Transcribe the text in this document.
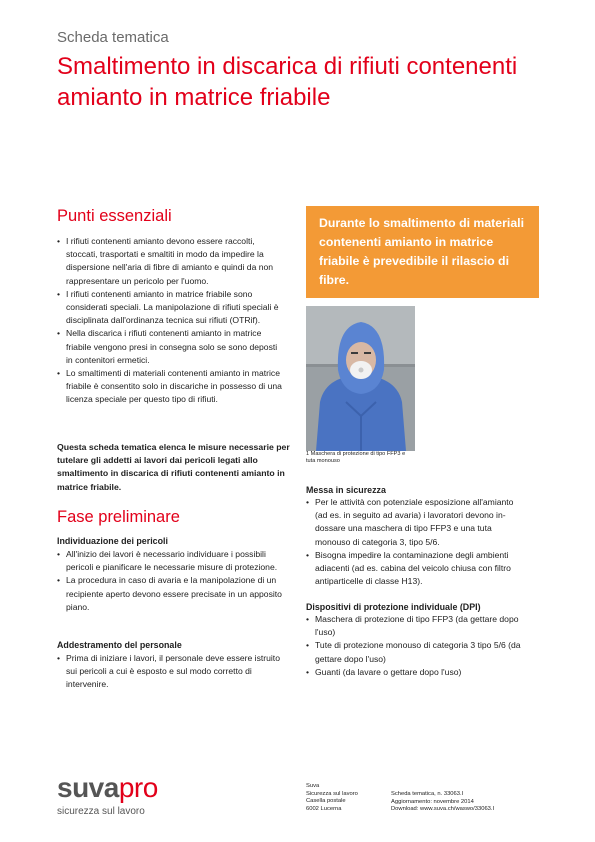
Scheda tematica
Smaltimento in discarica di rifiuti contenenti amianto in matrice friabile
Punti essenziali
• I rifiuti contenenti amianto devono essere raccolti, stoccati, trasportati e smaltiti in modo da impedire la dispersione nell'aria di fibre di amianto e quindi da non rappresentare un pericolo per l'uomo.
• I rifiuti contenenti amianto in matrice friabile sono considerati speciali. La manipolazione di rifiuti speciali è disciplinata dall'ordinanza tecnica sui rifiuti (OTRif).
• Nella discarica i rifiuti contenenti amianto in matrice friabile vengono presi in consegna solo se sono deposti in contenitori ermetici.
• Lo smaltimenti di materiali contenenti amianto in matrice friabile è consentito solo in discariche in possesso di una licenza speciale per questo tipo di rifiuti.
Questa scheda tematica elenca le misure necessarie per tutelare gli addetti ai lavori dai pericoli legati allo smaltimento in discarica di rifiuti contenenti amianto in matrice friabile.
Fase preliminare
Individuazione dei pericoli
• All'inizio dei lavori è necessario individuare i possibili pericoli e pianificare le necessarie misure di protezione.
• La procedura in caso di avaria e la manipolazione di un recipiente aperto devono essere precisate in un apposito piano.
Addestramento del personale
• Prima di iniziare i lavori, il personale deve essere istruito sui pericoli a cui è esposto e sul modo corretto di intervenire.
Durante lo smaltimento di materiali contenenti amianto in matrice friabile è prevedibile il rilascio di fibre.
1 Maschera di protezione di tipo FFP3 e tuta monouso
Messa in sicurezza
• Per le attività con potenziale esposizione all'amianto (ad es. in seguito ad avaria) i lavoratori devono in-dossare una maschera di tipo FFP3 e una tuta monouso di categoria 3, tipo 5/6.
• Bisogna impedire la contaminazione degli ambienti adiacenti (ad es. cabina del veicolo chiusa con filtro antiparticelle di classe H13).
Dispositivi di protezione individuale (DPI)
• Maschera di protezione di tipo FFP3 (da gettare dopo l'uso)
• Tute di protezione monouso di categoria 3 tipo 5/6 (da gettare dopo l'uso)
• Guanti (da lavare o gettare dopo l'uso)
suvapro
sicurezza sul lavoro
Suva
Sicurezza sul lavoro
Casella postale
6002 Lucerna
Scheda tematica, n. 33063.I
Aggiornamento: novembre 2014
Download: www.suva.ch/waswo/33063.I
